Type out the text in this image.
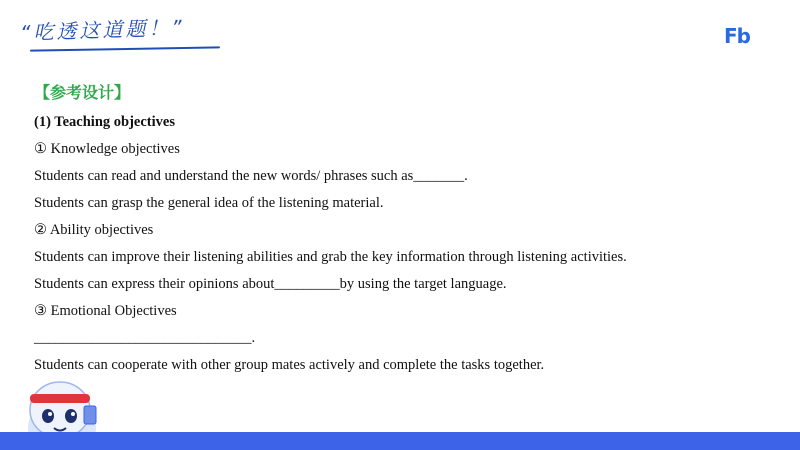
“吃透这道题！”	Fb
【参考设计】
(1) Teaching objectives
① Knowledge objectives
Students can read and understand the new words/ phrases such as_______.
Students can grasp the general idea of the listening material.
② Ability objectives
Students can improve their listening abilities and grab the key information through listening activities.
Students can express their opinions about_________by using the target language.
③ Emotional Objectives
______________________________.
Students can cooperate with other group mates actively and complete the tasks together.
